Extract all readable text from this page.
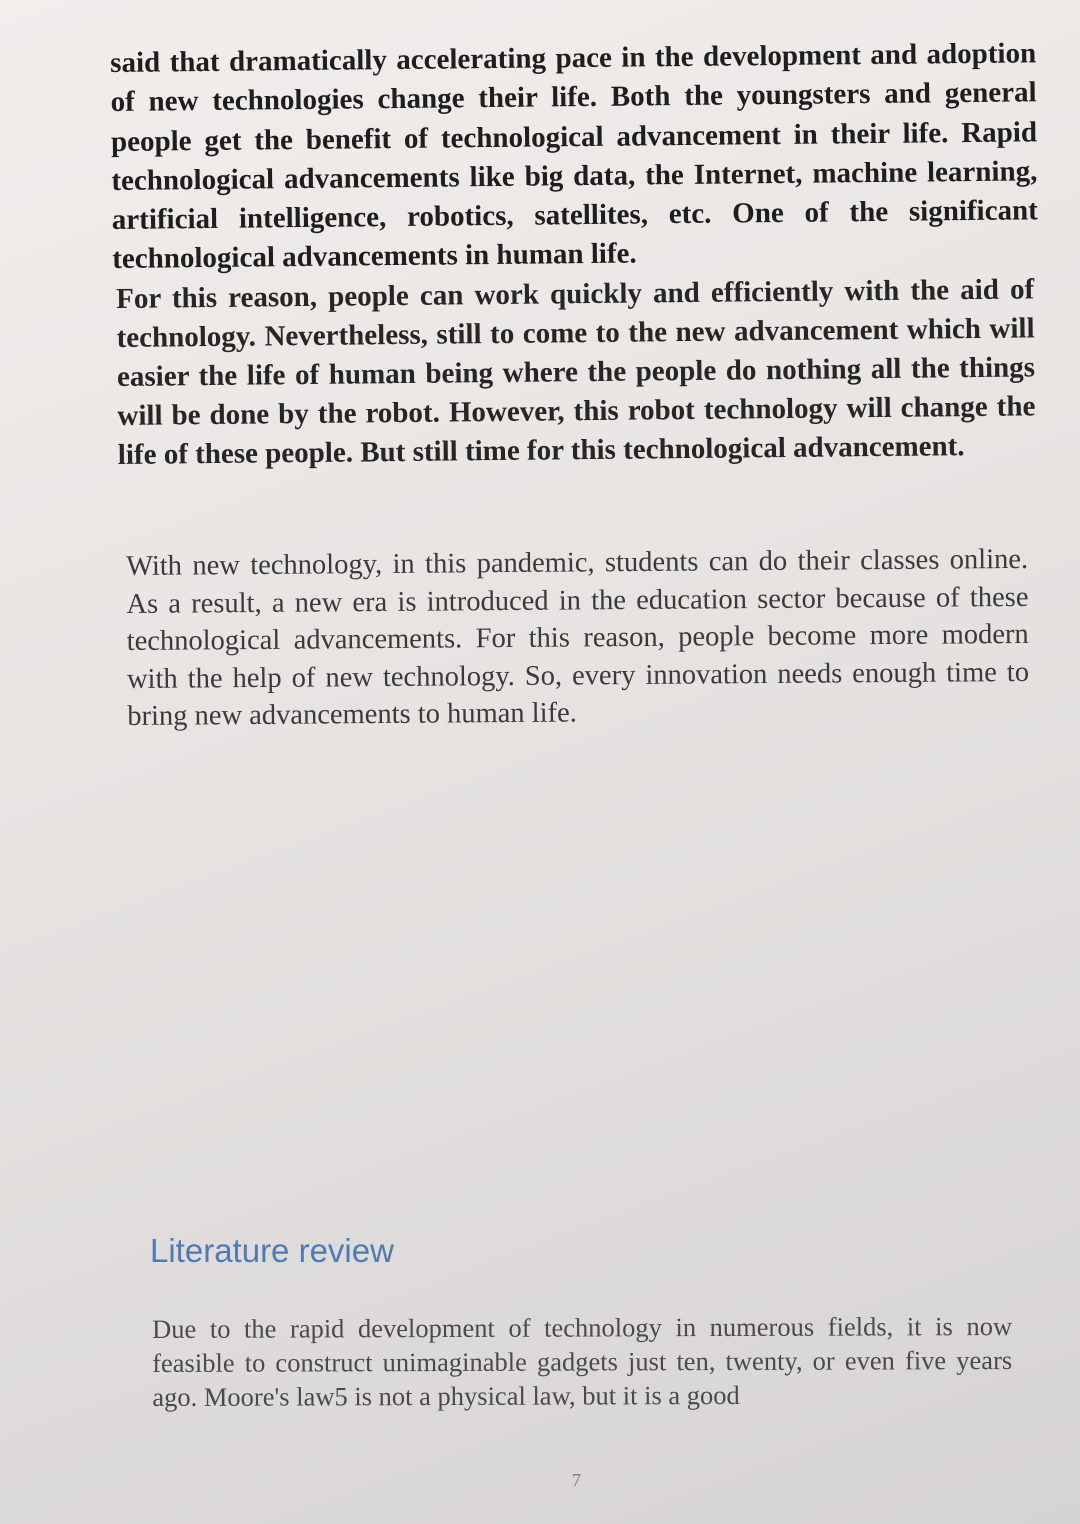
said that dramatically accelerating pace in the development and adoption of new technologies change their life. Both the youngsters and general people get the benefit of technological advancement in their life. Rapid technological advancements like big data, the Internet, machine learning, artificial intelligence, robotics, satellites, etc. One of the significant technological advancements in human life.

For this reason, people can work quickly and efficiently with the aid of technology. Nevertheless, still to come to the new advancement which will easier the life of human being where the people do nothing all the things will be done by the robot. However, this robot technology will change the life of these people. But still time for this technological advancement.

With new technology, in this pandemic, students can do their classes online. As a result, a new era is introduced in the education sector because of these technological advancements. For this reason, people become more modern with the help of new technology. So, every innovation needs enough time to bring new advancements to human life.

Literature review

Due to the rapid development of technology in numerous fields, it is now feasible to construct unimaginable gadgets just ten, twenty, or even five years ago. Moore's law5 is not a physical law, but it is a good

7
